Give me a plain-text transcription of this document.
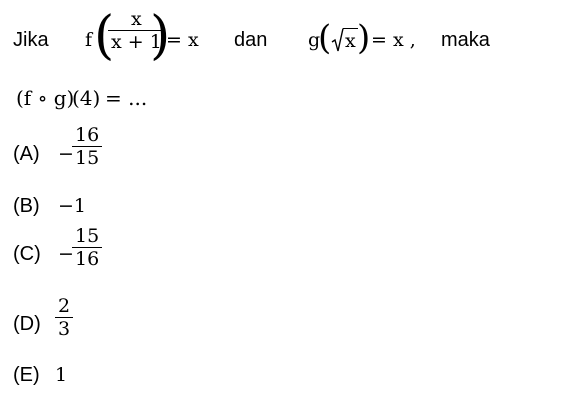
Jika f ( x
x + 1
)
= x dan g
( x ) = x , maka
(f ∘ g)
(4) = ...
(A) −
16
15
(B) −1
(C) −
15
16
(D)
2
3
(E) 1
